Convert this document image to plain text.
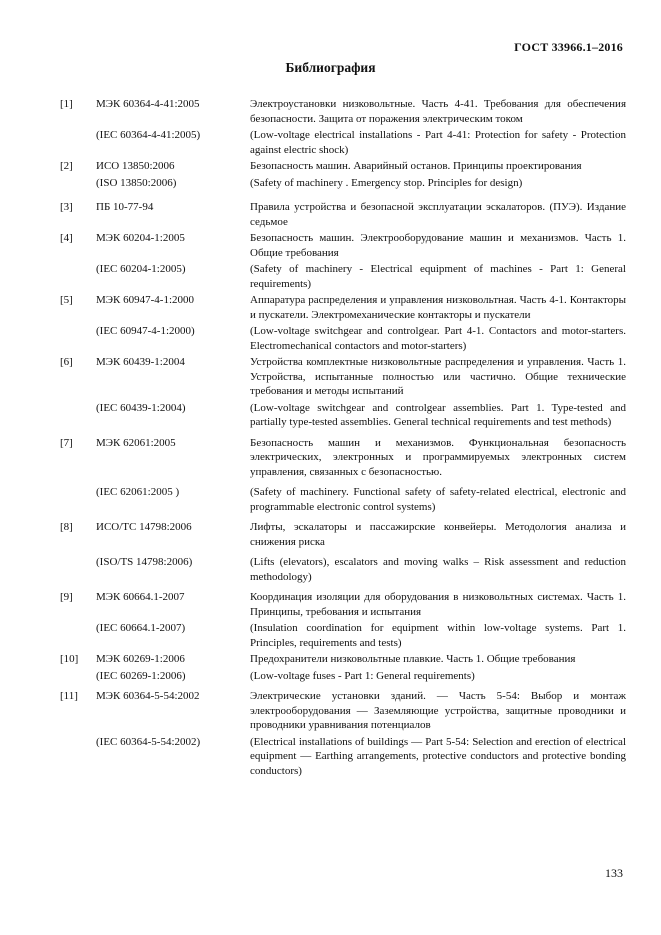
ГОСТ 33966.1–2016
Библиография
[1]	МЭК 60364-4-41:2005	Электроустановки низковольтные. Часть 4-41. Требования для обеспечения безопасности. Защита от поражения электрическим током
(IEC 60364-4-41:2005)	(Low-voltage electrical installations - Part 4-41: Protection for safety - Protection against electric shock)
[2]	ИСО 13850:2006	Безопасность машин. Аварийный останов. Принципы проектирования
(ISO 13850:2006)	(Safety of machinery . Emergency stop. Principles for design)
[3]	ПБ 10-77-94	Правила устройства и безопасной эксплуатации эскалаторов. (ПУЭ). Издание седьмое
[4]	МЭК 60204-1:2005	Безопасность машин. Электрооборудование машин и механизмов. Часть 1. Общие требования
(IEC 60204-1:2005)	(Safety of machinery - Electrical equipment of machines - Part 1: General requirements)
[5]	МЭК 60947-4-1:2000	Аппаратура распределения и управления низковольтная. Часть 4-1. Контакторы и пускатели. Электромеханические контакторы и пускатели
(IEC 60947-4-1:2000)	(Low-voltage switchgear and controlgear. Part 4-1. Contactors and motor-starters. Electromechanical contactors and motor-starters)
[6]	МЭК 60439-1:2004	Устройства комплектные низковольтные распределения и управления. Часть 1. Устройства, испытанные полностью или частично. Общие технические требования и методы испытаний
(IEC 60439-1:2004)	(Low-voltage switchgear and controlgear assemblies. Part 1. Type-tested and partially type-tested assemblies. General technical requirements and test methods)
[7]	МЭК 62061:2005	Безопасность машин и механизмов. Функциональная безопасность электрических, электронных и программируемых электронных систем управления, связанных с безопасностью.
(IEC 62061:2005 )	(Safety of machinery. Functional safety of safety-related electrical, electronic and programmable electronic control systems)
[8]	ИСО/ТС 14798:2006	Лифты, эскалаторы и пассажирские конвейеры. Методология анализа и снижения риска
(ISO/TS 14798:2006)	(Lifts (elevators), escalators and moving walks – Risk assessment and reduction methodology)
[9]	МЭК 60664.1-2007	Координация изоляции для оборудования в низковольтных системах. Часть 1. Принципы, требования и испытания
(IEC 60664.1-2007)	(Insulation coordination for equipment within low-voltage systems. Part 1. Principles, requirements and tests)
[10]	МЭК 60269-1:2006	Предохранители низковольтные плавкие. Часть 1. Общие требования
(IEC 60269-1:2006)	(Low-voltage fuses - Part 1: General requirements)
[11]	МЭК 60364-5-54:2002	Электрические установки зданий. — Часть 5-54: Выбор и монтаж электрооборудования — Заземляющие устройства, защитные проводники и проводники уравнивания потенциалов
(IEC 60364-5-54:2002)	(Electrical installations of buildings — Part 5-54: Selection and erection of electrical equipment — Earthing arrangements, protective conductors and protective bonding conductors)
133
